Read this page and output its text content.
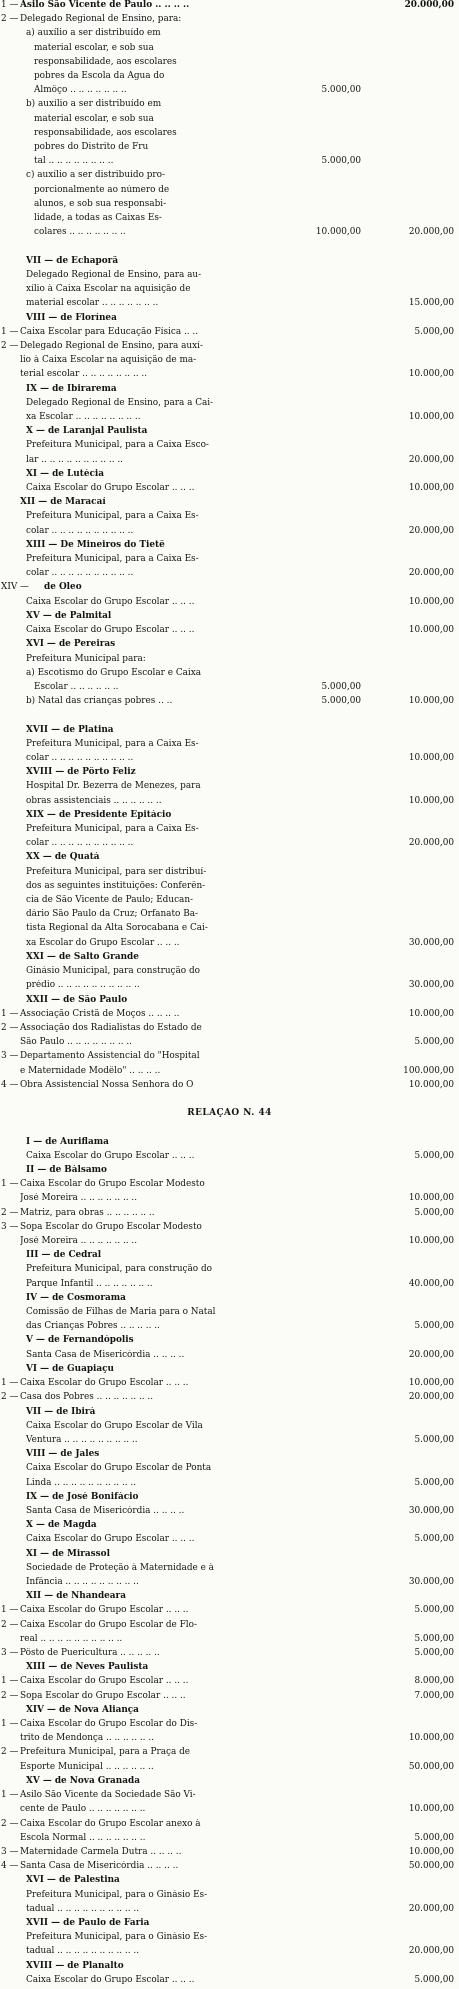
1 — Asilo São Vicente de Paulo .. .. .. ..	20.000,00
2 — Delegado Regional de Ensino, para:
a) auxílio a ser distribuído em
material escolar, e sob sua
responsabilidade, aos escolares
pobres da Escola da Água do
Almôço .. .. .. .. .. .. ..	5.000,00
b) auxílio a ser distribuído em
material escolar, e sob sua
responsabilidade, aos escolares
pobres do Distrito de Fru
tal .. .. .. .. .. .. .. ..	5.000,00
c) auxílio a ser distribuído pro-
porcionalmente ao número de
alunos, e sob sua responsabi-
lidade, a todas as Caixas Es-
colares .. .. .. .. .. .. ..	10.000,00	20.000,00
VII — de Echaporã
Delegado Regional de Ensino, para au-
xílio à Caixa Escolar na aquisição de
material escolar .. .. .. .. .. .. ..	15.000,00
VIII — de Florínea
1 — Caixa Escolar para Educação Física .. ..	5.000,00
2 — Delegado Regional de Ensino, para auxí-
lio à Caixa Escolar na aquisição de ma-
terial escolar .. .. .. .. .. .. .. ..	10.000,00
IX — de Ibirarema
Delegado Regional de Ensino, para a Cai-
xa Escolar .. .. .. .. .. .. .. ..	10.000,00
X — de Laranjal Paulista
Prefeitura Municipal, para a Caixa Esco-
lar .. .. .. .. .. .. .. .. .. ..	20.000,00
XI — de Lutécia
Caixa Escolar do Grupo Escolar .. .. ..	10.000,00
XII — de Maracaí
Prefeitura Municipal, para a Caixa Es-
colar .. .. .. .. .. .. .. .. .. ..	20.000,00
XIII — De Mineiros do Tietê
Prefeitura Municipal, para a Caixa Es-
colar .. .. .. .. .. .. .. .. .. ..	20.000,00
XIV —	de Óleo
Caixa Escolar do Grupo Escolar .. .. ..	10.000,00
XV — de Palmital
Caixa Escolar do Grupo Escolar .. .. ..	10.000,00
XVI — de Pereiras
Prefeitura Municipal para:
a) Escotismo do Grupo Escolar e Caixa
Escolar .. .. .. .. .. ..	5.000,00
b) Natal das crianças pobres .. ..	5.000,00	10.000,00
XVII — de Platina
Prefeitura Municipal, para a Caixa Es-
colar .. .. .. .. .. .. .. .. .. ..	10.000,00
XVIII — de Pôrto Feliz
Hospital Dr. Bezerra de Menezes, para
obras assistenciais .. .. .. .. .. ..	10.000,00
XIX — de Presidente Epitácio
Prefeitura Municipal, para a Caixa Es-
colar .. .. .. .. .. .. .. .. .. ..	20.000,00
XX — de Quatá
Prefeitura Municipal, para ser distribuí-
dos as seguintes instituições: Conferên-
cia de São Vicente de Paulo; Educan-
dário São Paulo da Cruz; Orfanato Ba-
tista Regional da Alta Sorocabana e Cai-
xa Escolar do Grupo Escolar .. .. ..	30.000,00
XXI — de Salto Grande
Ginásio Municipal, para construção do
prédio .. .. .. .. .. .. .. .. .. ..	30.000,00
XXII — de São Paulo
1 — Associação Cristã de Moços .. .. .. ..	10.000,00
2 — Associação dos Radialistas do Estado de
São Paulo .. .. .. .. .. .. .. ..	5.000,00
3 — Departamento Assistencial do "Hospital
e Maternidade Modêlo" .. .. .. ..	100.000,00
4 — Obra Assistencial Nossa Senhora do Ó	10.000,00
RELAÇÃO N. 44
I — de Auriflama
Caixa Escolar do Grupo Escolar .. .. ..	5.000,00
II — de Bálsamo
1 — Caixa Escolar do Grupo Escolar Modesto
José Moreira .. .. .. .. .. .. ..	10.000,00
2 — Matriz, para obras .. .. .. .. .. ..	5.000,00
3 — Sopa Escolar do Grupo Escolar Modesto
José Moreira .. .. .. .. .. .. ..	10.000,00
III — de Cedral
Prefeitura Municipal, para construção do
Parque Infantil .. .. .. .. .. .. ..	40.000,00
IV — de Cosmorama
Comissão de Filhas de Maria para o Natal
das Crianças Pobres .. .. .. .. ..	5.000,00
V — de Fernandópolis
Santa Casa de Misericórdia .. .. .. ..	20.000,00
VI — de Guapiaçu
1 — Caixa Escolar do Grupo Escolar .. .. ..	10.000,00
2 — Casa dos Pobres .. .. .. .. .. .. ..	20.000,00
VII — de Ibirá
Caixa Escolar do Grupo Escolar de Vila
Ventura .. .. .. .. .. .. .. .. ..	5.000,00
VIII — de Jales
Caixa Escolar do Grupo Escolar de Ponta
Linda .. .. .. .. .. .. .. .. .. ..	5.000,00
IX — de José Bonifácio
Santa Casa de Misericórdia .. .. .. ..	30.000,00
X — de Magda
Caixa Escolar do Grupo Escolar .. .. ..	5.000,00
XI — de Mirassol
Sociedade de Proteção à Maternidade e à
Infância .. .. .. .. .. .. .. .. ..	30.000,00
XII — de Nhandeara
1 — Caixa Escolar do Grupo Escolar .. .. ..	5.000,00
2 — Caixa Escolar do Grupo Escolar de Flo-
real .. .. .. .. .. .. .. .. .. ..	5.000,00
3 — Pôsto de Puericultura .. .. .. .. ..	5.000,00
XIII — de Neves Paulista
1 — Caixa Escolar do Grupo Escolar .. .. ..	8.000,00
2 — Sopa Escolar do Grupo Escolar .. .. ..	7.000,00
XIV — de Nova Aliança
1 — Caixa Escolar do Grupo Escolar do Dis-
trito de Mendonça .. .. .. .. .. ..	10.000,00
2 — Prefeitura Municipal, para a Praça de
Esporte Municipal .. .. .. .. .. ..	50.000,00
XV — de Nova Granada
1 — Asilo São Vicente da Sociedade São Vi-
cente de Paulo .. .. .. .. .. .. ..	10.000,00
2 — Caixa Escolar do Grupo Escolar anexo à
Escola Normal .. .. .. .. .. .. ..	5.000,00
3 — Maternidade Carmela Dutra .. .. .. ..	10.000,00
4 — Santa Casa de Misericórdia .. .. .. ..	50.000,00
XVI — de Palestina
Prefeitura Municipal, para o Ginásio Es-
tadual .. .. .. .. .. .. .. .. .. ..	20.000,00
XVII — de Paulo de Faria
Prefeitura Municipal, para o Ginásio Es-
tadual .. .. .. .. .. .. .. .. .. ..	20.000,00
XVIII — de Planalto
Caixa Escolar do Grupo Escolar .. .. ..	5.000,00
